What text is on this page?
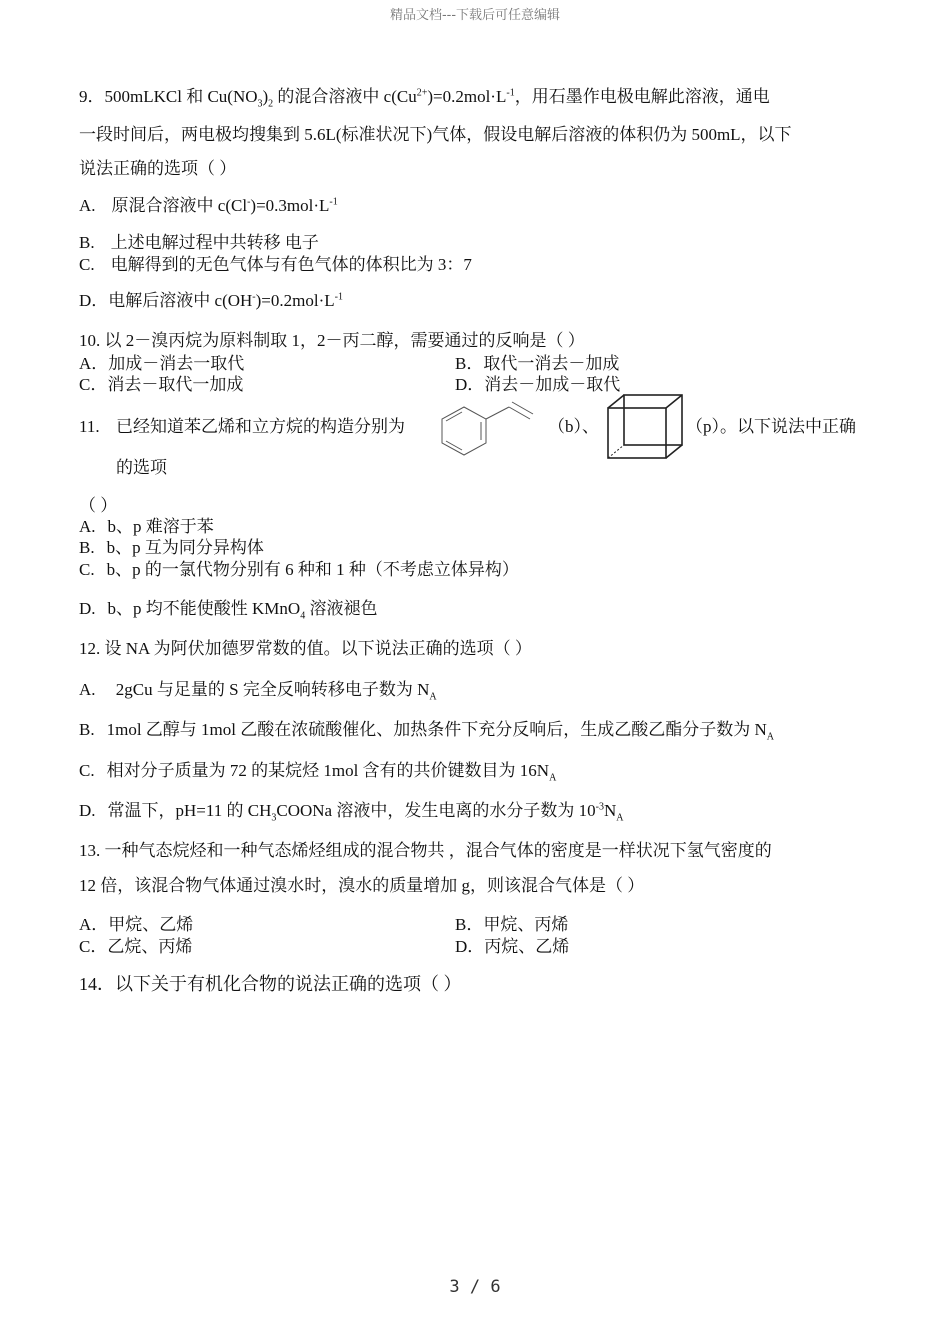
精品文档---下载后可任意编辑
9．500mLKCl 和 $Cu(NO_3)_2$ 的混合溶液中 $c(Cu^{2+})=0.2mol\cdot L^{-1}$，用石墨作电极电解此溶液，通电
一段时间后，两电极均搜集到 5.6L(标准状况下)气体，假设电解后溶液的体积仍为 500mL，以下
说法正确的选项（ ）
A. 原混合溶液中 $c(Cl^-)=0.3mol\cdot L^{-1}$
B. 上述电解过程中共转移 电子
C. 电解得到的无色气体与有色气体的体积比为 3：7
D．电解后溶液中 $c(OH^-)=0.2mol\cdot L^{-1}$
10. 以 2－溴丙烷为原料制取 1，2－丙二醇，需要通过的反响是（ ）
A．加成－消去一取代	B．取代一消去－加成
C．消去－取代一加成	D．消去－加成－取代
11. 已经知道苯乙烯和立方烷的构造分别为	（b）、	（p）。以下说法中正确
的选项
（ ）
A. b、p 难溶于苯
B. b、p 互为同分异构体
C. b、p 的一氯代物分别有 6 种和 1 种（不考虑立体异构）
D. b、p 均不能使酸性 KMnO$_4$ 溶液褪色
12. 设 NA 为阿伏加德罗常数的值。以下说法正确的选项（ ）
A. 2gCu 与足量的 S 完全反响转移电子数为 $N_A$
B. 1mol 乙醇与 1mol 乙酸在浓硫酸催化、加热条件下充分反响后，生成乙酸乙酯分子数为 $N_A$
C. 相对分子质量为 72 的某烷烃 1mol 含有的共价键数目为 $16N_A$
D. 常温下，pH=11 的 $CH_3COONa$ 溶液中，发生电离的水分子数为 $10^{-3}N_A$
13. 一种气态烷烃和一种气态烯烃组成的混合物共 ，混合气体的密度是一样状况下氢气密度的
12 倍，该混合物气体通过溴水时，溴水的质量增加 g，则该混合气体是（ ）
A．甲烷、乙烯	B．甲烷、丙烯
C．乙烷、丙烯	D．丙烷、乙烯
14．以下关于有机化合物的说法正确的选项（ ）
3 / 6
